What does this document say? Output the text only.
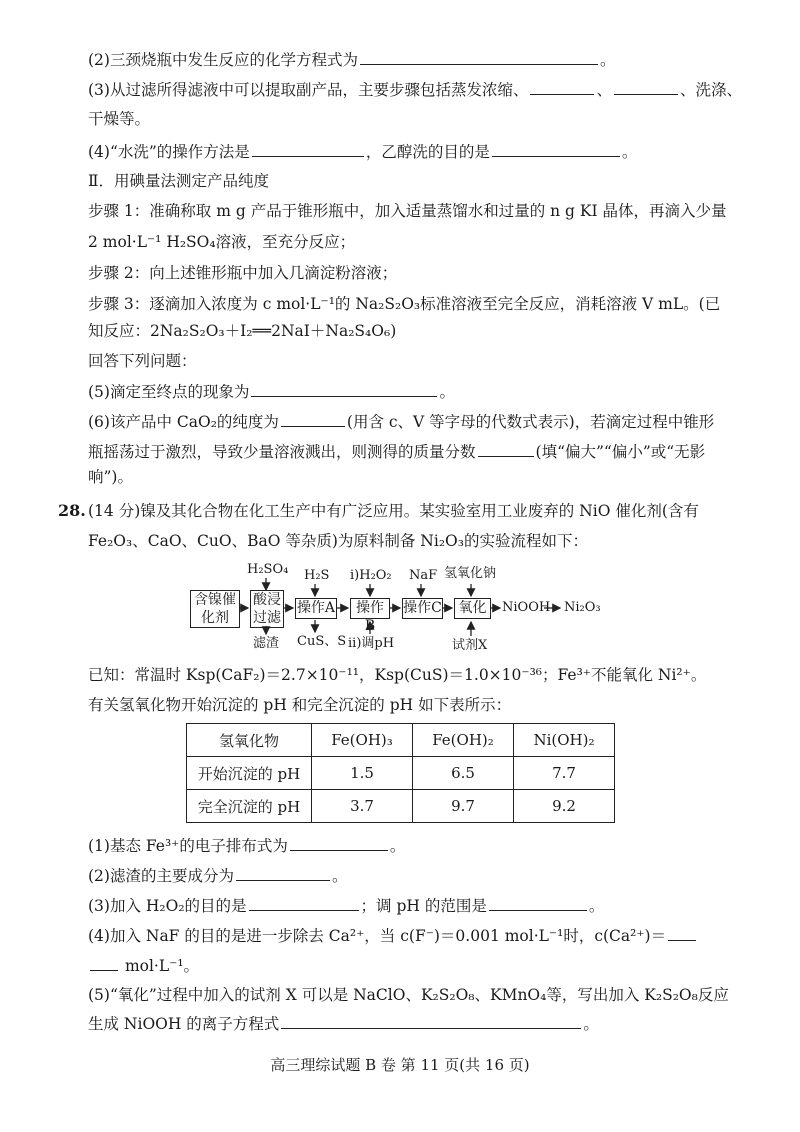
(2)三颈烧瓶中发生反应的化学方程式为	。
(3)从过滤所得滤液中可以提取副产品，主要步骤包括蒸发浓缩、	、	、洗涤、
干燥等。
(4)“水洗”的操作方法是	，乙醇洗的目的是	。
Ⅱ．用碘量法测定产品纯度
步骤 1：准确称取 m g 产品于锥形瓶中，加入适量蒸馏水和过量的 n g KI 晶体，再滴入少量
2 mol·L⁻¹ H₂SO₄溶液，至充分反应；
步骤 2：向上述锥形瓶中加入几滴淀粉溶液；
步骤 3：逐滴加入浓度为 c mol·L⁻¹的 Na₂S₂O₃标准溶液至完全反应，消耗溶液 V mL。(已
知反应：2Na₂S₂O₃＋I₂══2NaI＋Na₂S₄O₆)
回答下列问题：
(5)滴定至终点的现象为	。
(6)该产品中 CaO₂的纯度为	(用含 c、V 等字母的代数式表示)，若滴定过程中锥形
瓶摇荡过于激烈，导致少量溶液溅出，则测得的质量分数	(填“偏大”“偏小”或“无影
响”)。
28. (14 分)镍及其化合物在化工生产中有广泛应用。某实验室用工业废弃的 NiO 催化剂(含有
Fe₂O₃、CaO、CuO、BaO 等杂质)为原料制备 Ni₂O₃的实验流程如下：
含镍催化剂
酸浸过滤
操作A	操作B
操作C	氧化
H₂SO₄ H₂S i)H₂O₂ NaF 氢氧化钠
滤渣 CuS、S ii)调pH	试剂X
NiOOH Ni₂O₃
已知：常温时 Ksp(CaF₂)＝2.7×10⁻¹¹，Ksp(CuS)＝1.0×10⁻³⁶；Fe³⁺不能氧化 Ni²⁺。
有关氢氧化物开始沉淀的 pH 和完全沉淀的 pH 如下表所示：
氢氧化物	Fe(OH)₃	Fe(OH)₂	Ni(OH)₂
开始沉淀的 pH	1.5	6.5	7.7
完全沉淀的 pH	3.7	9.7	9.2
(1)基态 Fe³⁺的电子排布式为	。
(2)滤渣的主要成分为	。
(3)加入 H₂O₂的目的是	；调 pH 的范围是	。
(4)加入 NaF 的目的是进一步除去 Ca²⁺，当 c(F⁻)＝0.001 mol·L⁻¹时，c(Ca²⁺)＝
mol·L⁻¹。
(5)“氧化”过程中加入的试剂 X 可以是 NaClO、K₂S₂O₈、KMnO₄等，写出加入 K₂S₂O₈反应
生成 NiOOH 的离子方程式	。
高三理综试题 B 卷 第 11 页(共 16 页)
